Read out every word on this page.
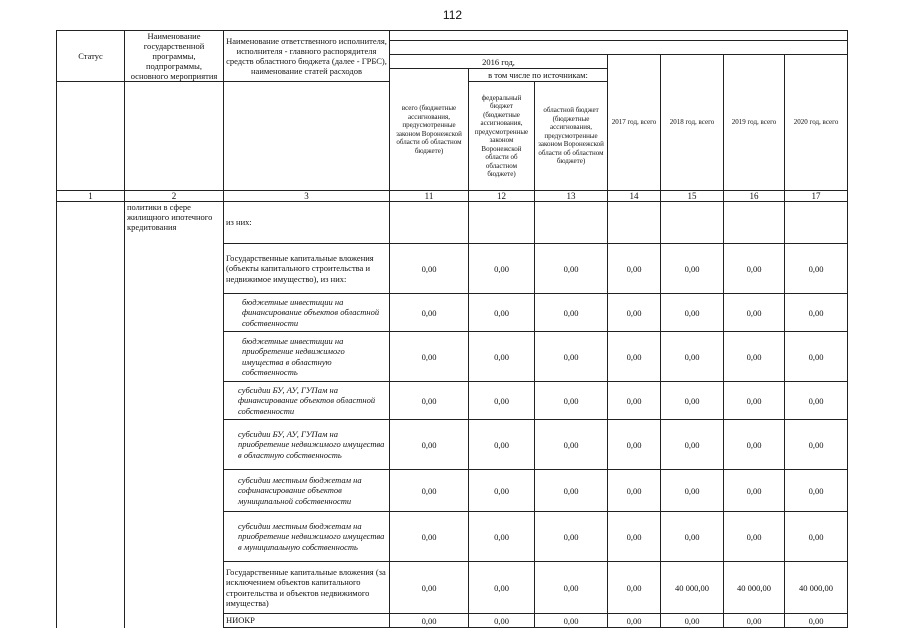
112
Статус	Наименование государственной программы, подпрограммы, основного мероприятия	Наименование ответственного исполнителя, исполнителя - главного распорядителя средств областного бюджета (далее - ГРБС), наименование статей расходов							

			2016 год,			2017 год, всего	2018 год, всего	2019 год, всего	2020 год, всего
			всего (бюджетные ассигнования, предусмотренные законом Воронежской области об областном бюджете)	в том числе по источникам:					
				федеральный бюджет (бюджетные ассигнования, предусмотренные законом Воронежской области об областном бюджете)	областной бюджет (бюджетные ассигнования, предусмотренные законом Воронежской области об областном бюджете)				
1	2	3	11	12	13	14	15	16	17
	политики в сфере жилищного ипотечного кредитования	из них:							
		Государственные капитальные вложения (объекты капитального строительства и недвижимое имущество), из них:	0,00	0,00	0,00	0,00	0,00	0,00	0,00
		бюджетные инвестиции на финансирование объектов областной собственности	0,00	0,00	0,00	0,00	0,00	0,00	0,00
		бюджетные инвестиции на приобретение недвижимого имущества в областную собственность	0,00	0,00	0,00	0,00	0,00	0,00	0,00
		субсидии БУ, АУ, ГУПам на финансирование объектов областной собственности	0,00	0,00	0,00	0,00	0,00	0,00	0,00
		субсидии БУ, АУ, ГУПам на приобретение недвижимого имущества в областную собственность	0,00	0,00	0,00	0,00	0,00	0,00	0,00
		субсидии местным бюджетам на софинансирование объектов муниципальной собственности	0,00	0,00	0,00	0,00	0,00	0,00	0,00
		субсидии местным бюджетам на приобретение недвижимого имущества в муниципальную собственность	0,00	0,00	0,00	0,00	0,00	0,00	0,00
		Государственные капитальные вложения (за исключением объектов капитального строительства и объектов недвижимого имущества)	0,00	0,00	0,00	0,00	40 000,00	40 000,00	40 000,00
		НИОКР	0,00	0,00	0,00	0,00	0,00	0,00	0,00
